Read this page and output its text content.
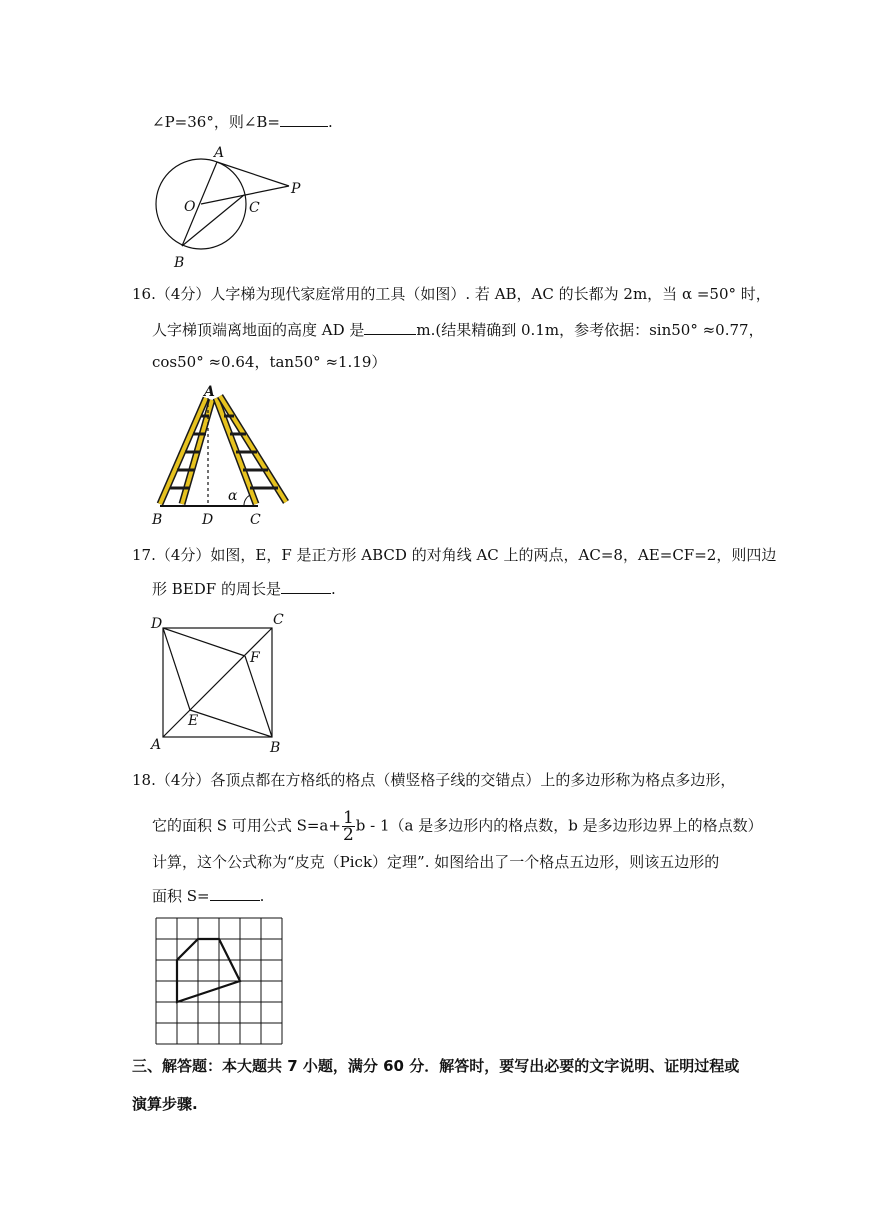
∠P=36°，则∠B=	.
A
O	C
P
B
16.（4分）人字梯为现代家庭常用的工具（如图）. 若 AB，AC 的长都为 2m，当 α =50° 时，
人字梯顶端离地面的高度 AD 是	m.(结果精确到 0.1m，参考依据：sin50° ≈0.77，
cos50° ≈0.64，tan50° ≈1.19）
A
B	D	C
α
17.（4分）如图，E，F 是正方形 ABCD 的对角线 AC 上的两点，AC=8，AE=CF=2，则四边
形 BEDF 的周长是	.
D	C
F
E
A	B
18.（4分）各顶点都在方格纸的格点（横竖格子线的交错点）上的多边形称为格点多边形，
它的面积 S 可用公式 $S=a+ \frac{1}{2}$ b - 1（a 是多边形内的格点数，b 是多边形边界上的格点数）
计算，这个公式称为“皮克（Pick）定理”. 如图给出了一个格点五边形，则该五边形的
面积 S=	.
三、解答题：本大题共 7 小题，满分 60 分．解答时，要写出必要的文字说明、证明过程或
演算步骤.
